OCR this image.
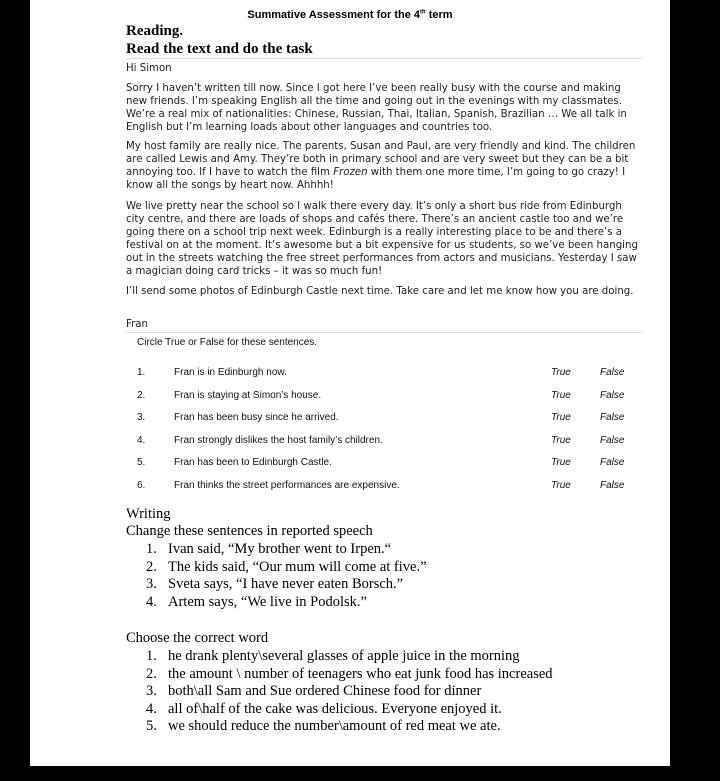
Summative Assessment for the 4th term
Reading.
Read the text and do the task
Hi Simon

Sorry I haven’t written till now. Since I got here I’ve been really busy with the course and making new friends. I’m speaking English all the time and going out in the evenings with my classmates. We’re a real mix of nationalities: Chinese, Russian, Thai, Italian, Spanish, Brazilian … We all talk in English but I’m learning loads about other languages and countries too.

My host family are really nice. The parents, Susan and Paul, are very friendly and kind. The children are called Lewis and Amy. They’re both in primary school and are very sweet but they can be a bit annoying too. If I have to watch the film Frozen with them one more time, I’m going to go crazy! I know all the songs by heart now. Ahhhh!

We live pretty near the school so I walk there every day. It’s only a short bus ride from Edinburgh city centre, and there are loads of shops and cafés there. There’s an ancient castle too and we’re going there on a school trip next week. Edinburgh is a really interesting place to be and there’s a festival on at the moment. It’s awesome but a bit expensive for us students, so we’ve been hanging out in the streets watching the free street performances from actors and musicians. Yesterday I saw a magician doing card tricks – it was so much fun!

I’ll send some photos of Edinburgh Castle next time. Take care and let me know how you are doing.

Fran
Circle True or False for these sentences.
Writing
Change these sentences in reported speech
1. Ivan said, “My brother went to Irpen.“
2. The kids said, “Our mum will come at five.”
3. Sveta says, “I have never eaten Borsch.”
4. Artem says, “We live in Podolsk.”
Choose the correct word
1. he drank plenty\several glasses of apple juice in the morning
2. the amount \ number of teenagers who eat junk food has increased
3. both\all Sam and Sue ordered Chinese food for dinner
4. all of\half of the cake was delicious. Everyone enjoyed it.
5. we should reduce the number\amount of red meat we ate.
1.	Fran is in Edinburgh now.	True	False
2.	Fran is staying at Simon’s house.	True	False
3.	Fran has been busy since he arrived.	True	False
4.	Fran strongly dislikes the host family’s children.	True	False
5.	Fran has been to Edinburgh Castle.	True	False
6.	Fran thinks the street performances are expensive.	True	False
